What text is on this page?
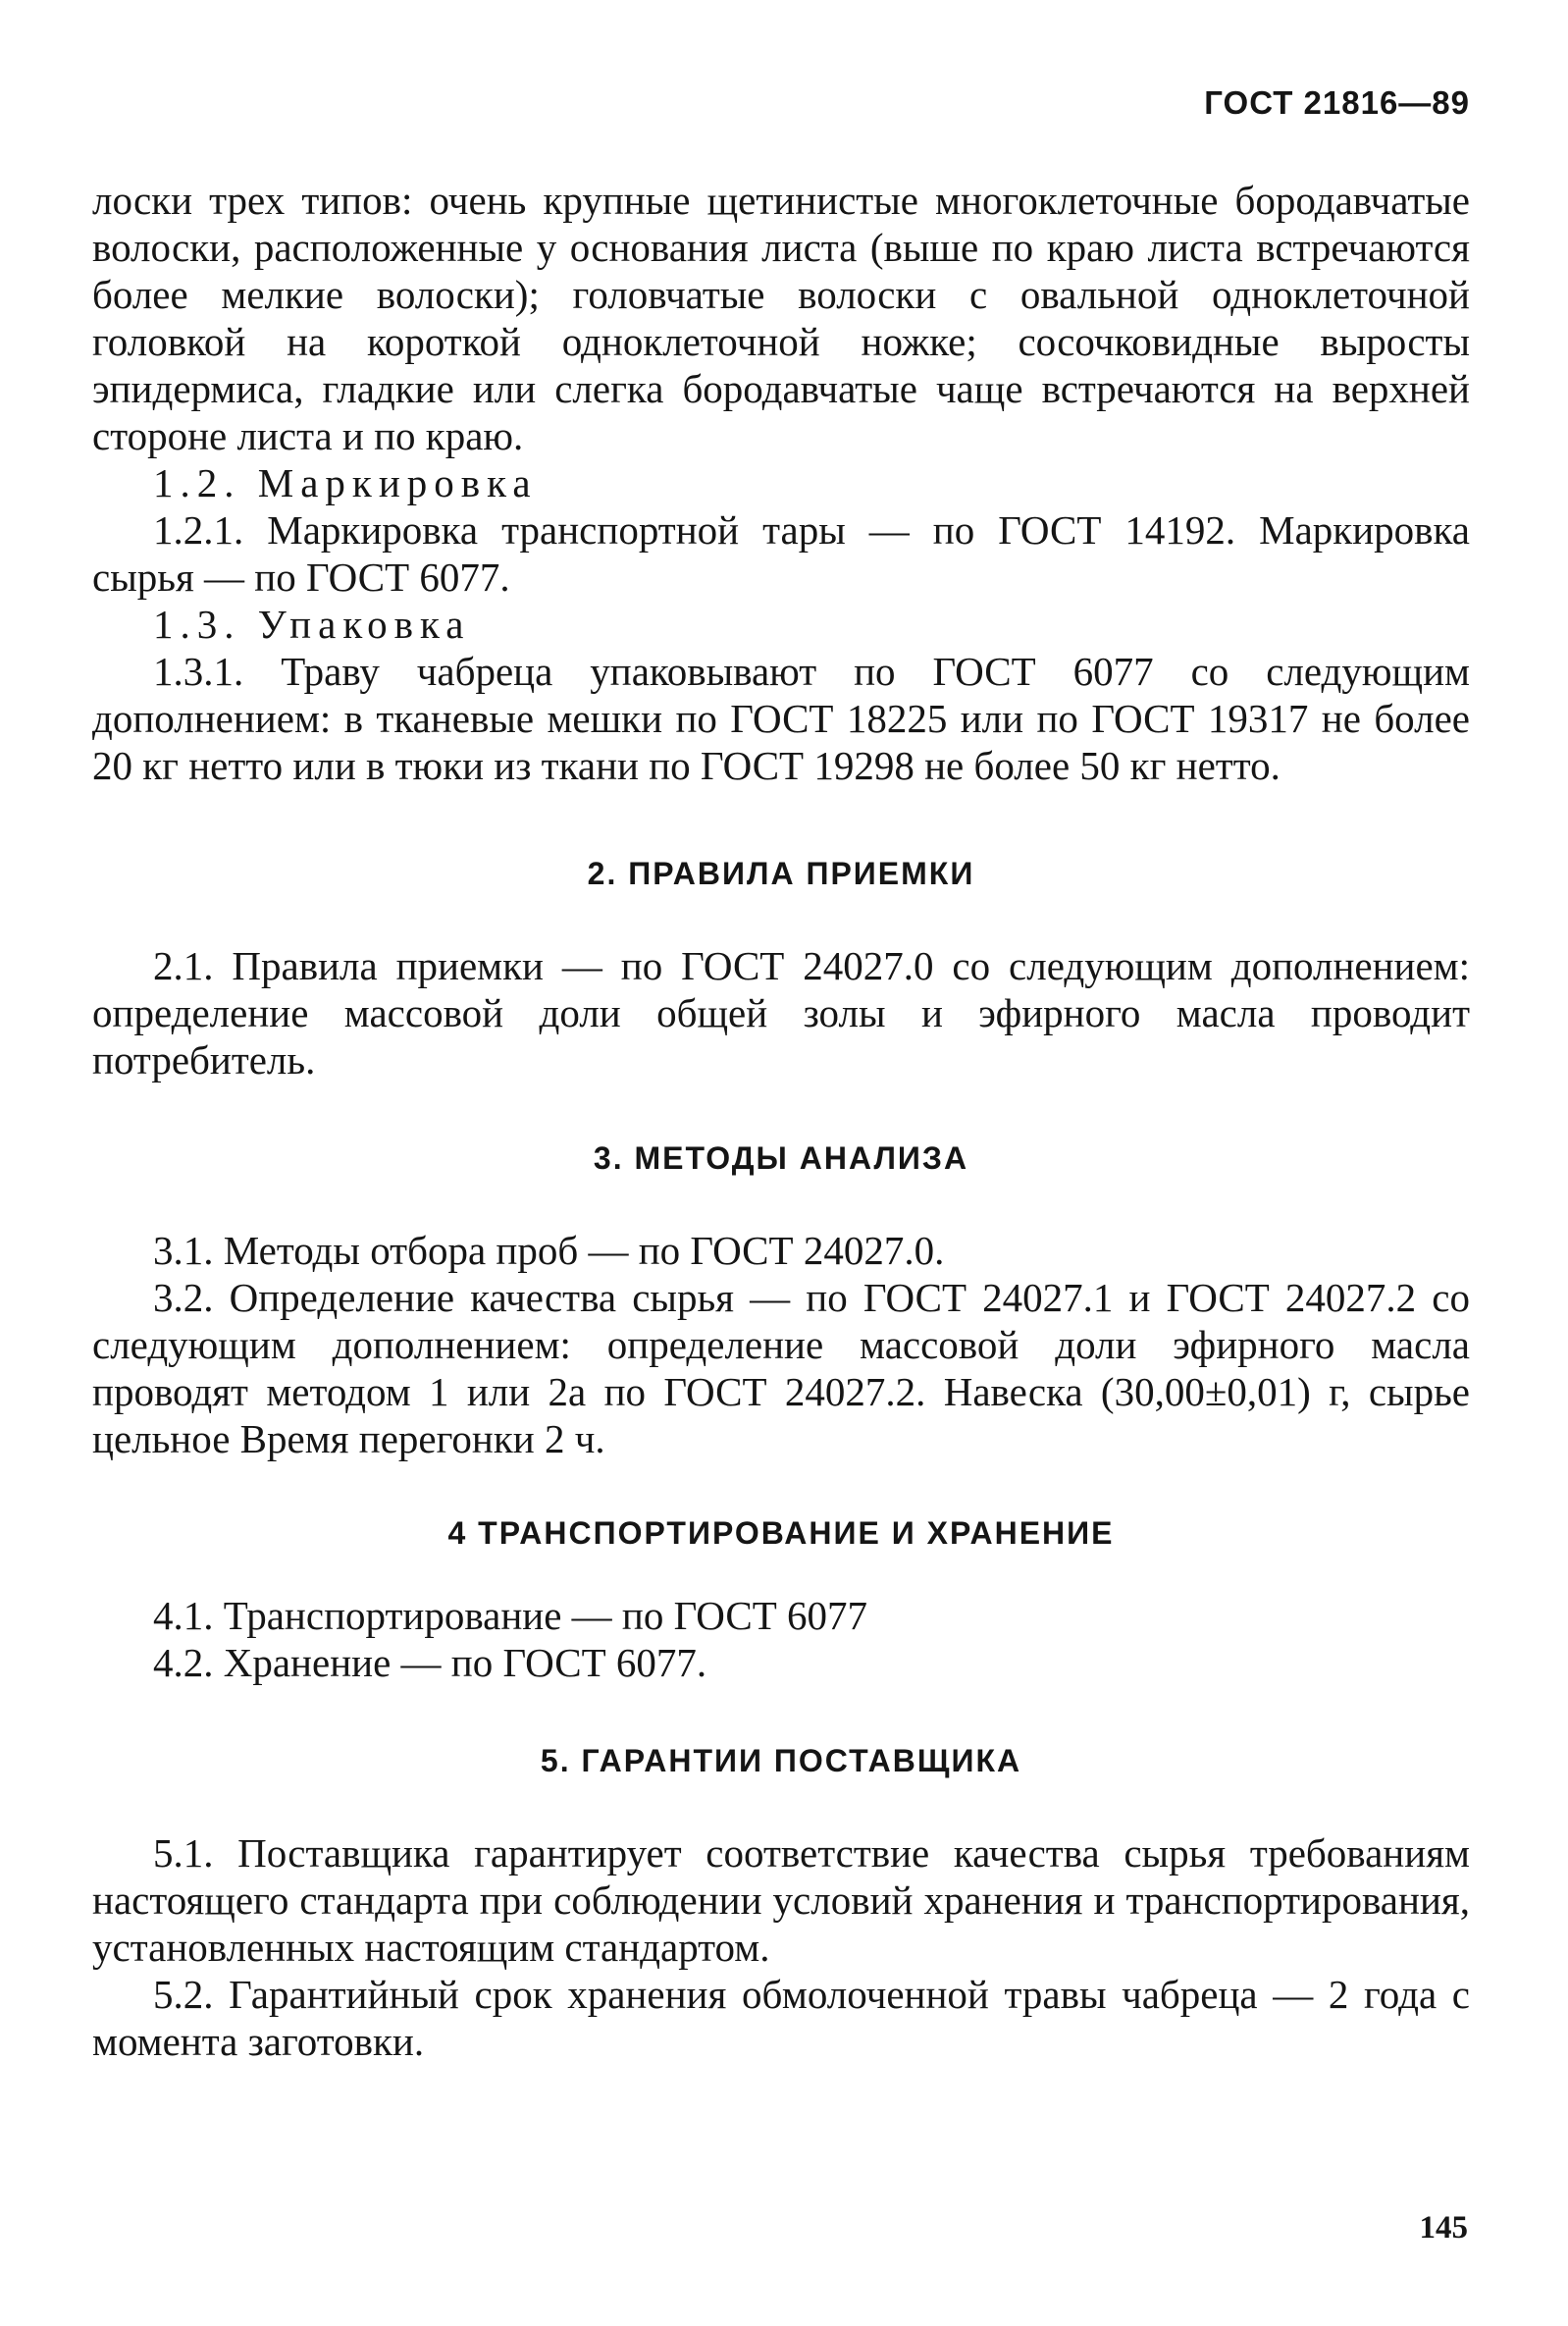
ГОСТ 21816—89

лоски трех типов: очень крупные щетинистые многоклеточные бородавчатые волоски, расположенные у основания листа (выше по краю листа встречаются более мелкие волоски); головчатые волоски с овальной одноклеточной головкой на короткой одноклеточной ножке; сосочковидные выросты эпидермиса, гладкие или слегка бородавчатые чаще встречаются на верхней стороне листа и по краю.

1.2. Маркировка

1.2.1. Маркировка транспортной тары — по ГОСТ 14192. Маркировка сырья — по ГОСТ 6077.

1.3. Упаковка

1.3.1. Траву чабреца упаковывают по ГОСТ 6077 со следующим дополнением: в тканевые мешки по ГОСТ 18225 или по ГОСТ 19317 не более 20 кг нетто или в тюки из ткани по ГОСТ 19298 не более 50 кг нетто.

2. ПРАВИЛА ПРИЕМКИ

2.1. Правила приемки — по ГОСТ 24027.0 со следующим дополнением: определение массовой доли общей золы и эфирного масла проводит потребитель.

3. МЕТОДЫ АНАЛИЗА

3.1. Методы отбора проб — по ГОСТ 24027.0.

3.2. Определение качества сырья — по ГОСТ 24027.1 и ГОСТ 24027.2 со следующим дополнением: определение массовой доли эфирного масла проводят методом 1 или 2а по ГОСТ 24027.2. Навеска (30,00±0,01) г, сырье цельное Время перегонки 2 ч.

4 ТРАНСПОРТИРОВАНИЕ И ХРАНЕНИЕ

4.1. Транспортирование — по ГОСТ 6077

4.2. Хранение — по ГОСТ 6077.

5. ГАРАНТИИ ПОСТАВЩИКА

5.1. Поставщика гарантирует соответствие качества сырья требованиям настоящего стандарта при соблюдении условий хранения и транспортирования, установленных настоящим стандартом.

5.2. Гарантийный срок хранения обмолоченной травы чабреца — 2 года с момента заготовки.

145
